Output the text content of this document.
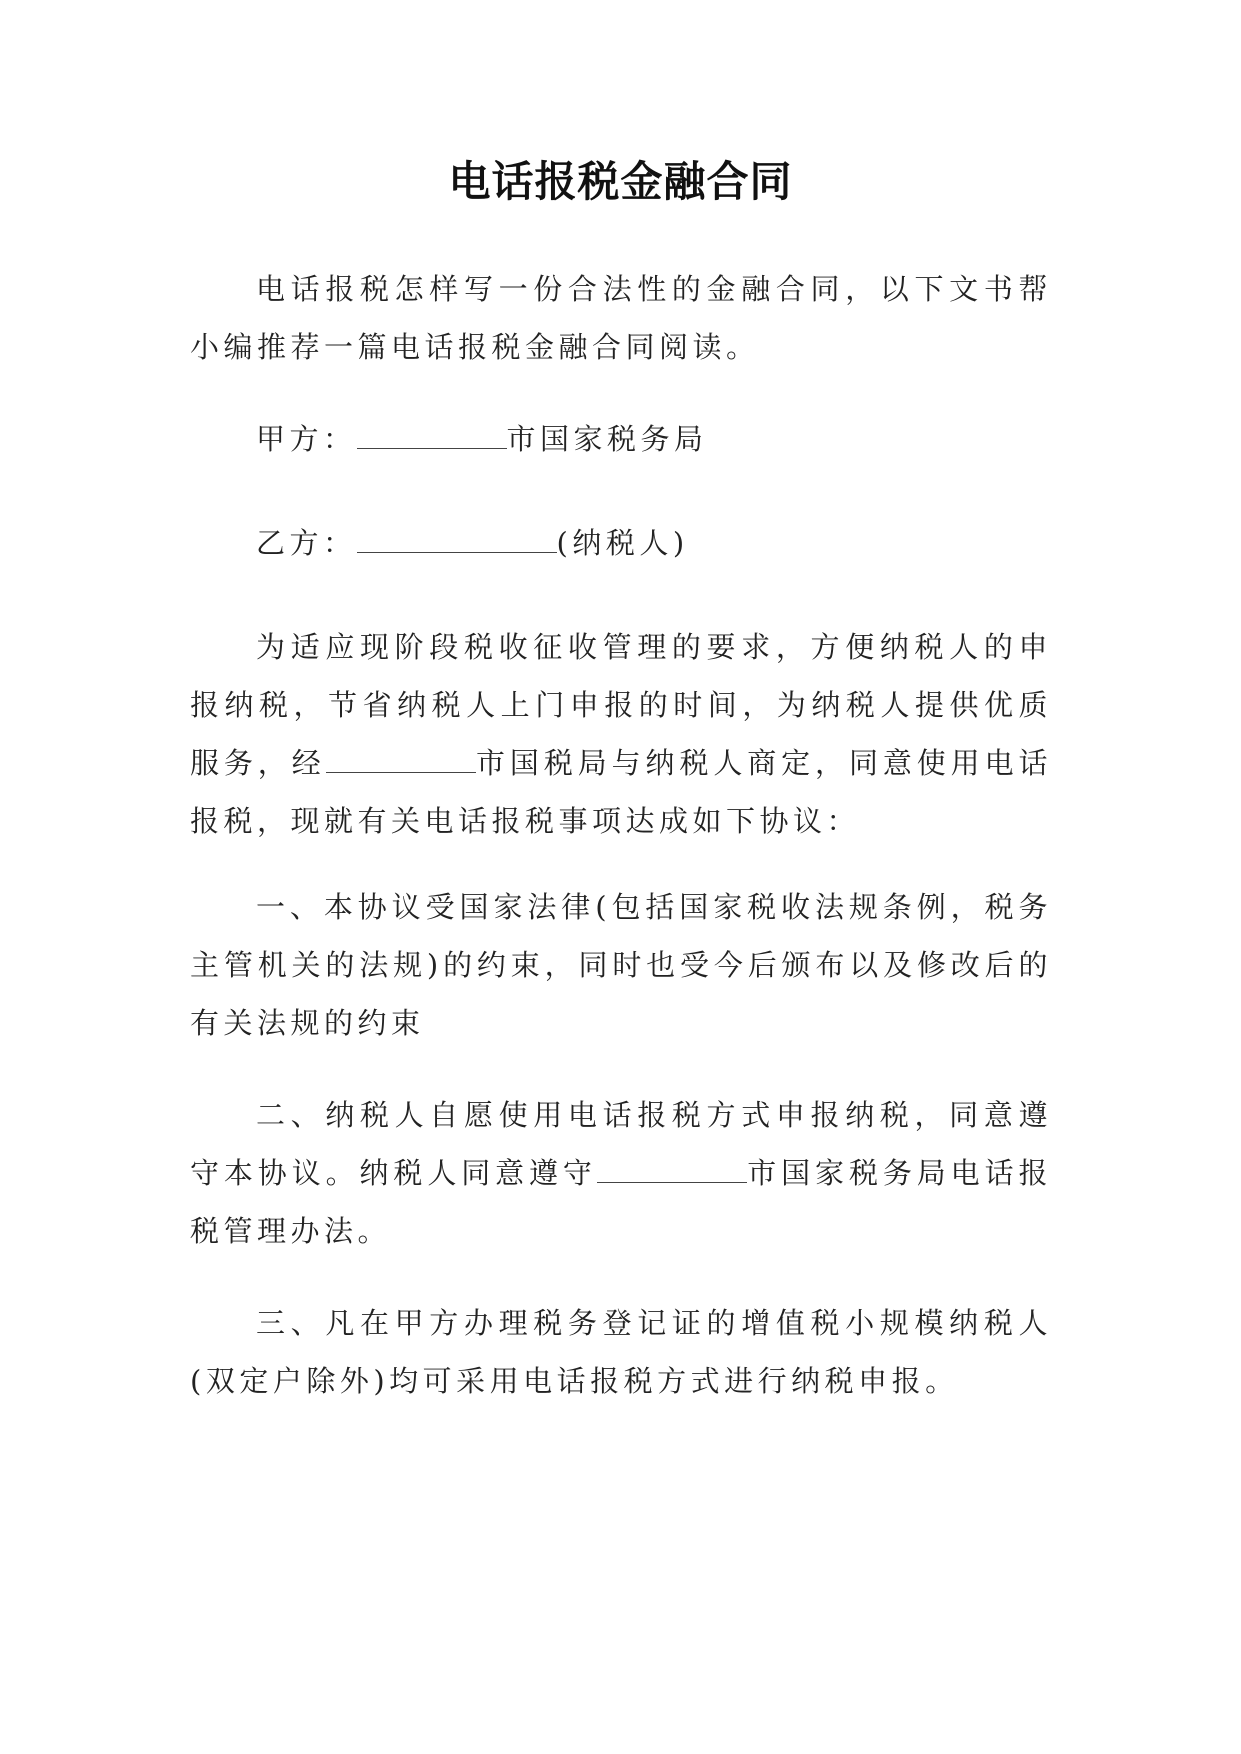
电话报税金融合同

电话报税怎样写一份合法性的金融合同，以下文书帮小编推荐一篇电话报税金融合同阅读。

甲方：	市国家税务局

乙方：	(纳税人)

为适应现阶段税收征收管理的要求，方便纳税人的申报纳税，节省纳税人上门申报的时间，为纳税人提供优质服务，经	市国税局与纳税人商定，同意使用电话报税，现就有关电话报税事项达成如下协议：

一、本协议受国家法律(包括国家税收法规条例，税务主管机关的法规)的约束，同时也受今后颁布以及修改后的有关法规的约束

二、纳税人自愿使用电话报税方式申报纳税，同意遵守本协议。纳税人同意遵守	市国家税务局电话报税管理办法。

三、凡在甲方办理税务登记证的增值税小规模纳税人(双定户除外)均可采用电话报税方式进行纳税申报。
